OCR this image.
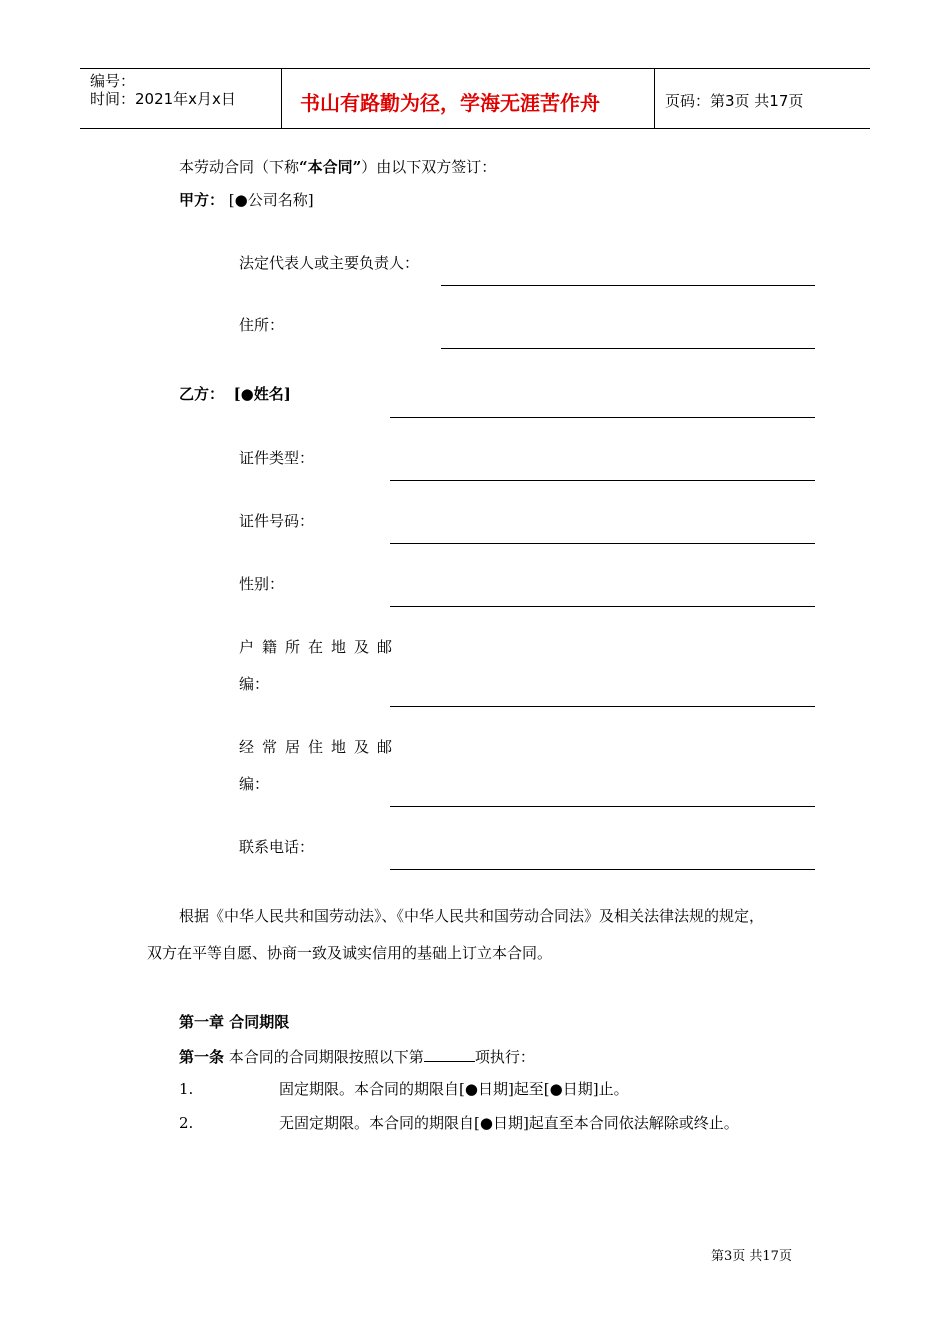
编号：
时间：2021年x月x日	书山有路勤为径，学海无涯苦作舟	页码：第3页 共17页
本劳动合同（下称“本合同”）由以下双方签订：
甲方： [●公司名称]
法定代表人或主要负责人：
住所：
乙方： [●姓名]
证件类型：
证件号码：
性别：
户籍所在地及邮
编：
经常居住地及邮
编：
联系电话：
根据《中华人民共和国劳动法》、《中华人民共和国劳动合同法》及相关法律法规的规定，
双方在平等自愿、协商一致及诚实信用的基础上订立本合同。
第一章 合同期限
第一条 本合同的合同期限按照以下第	项执行：
1.	固定期限。本合同的期限自[●日期]起至[●日期]止。
2.	无固定期限。本合同的期限自[●日期]起直至本合同依法解除或终止。
第3页 共17页
